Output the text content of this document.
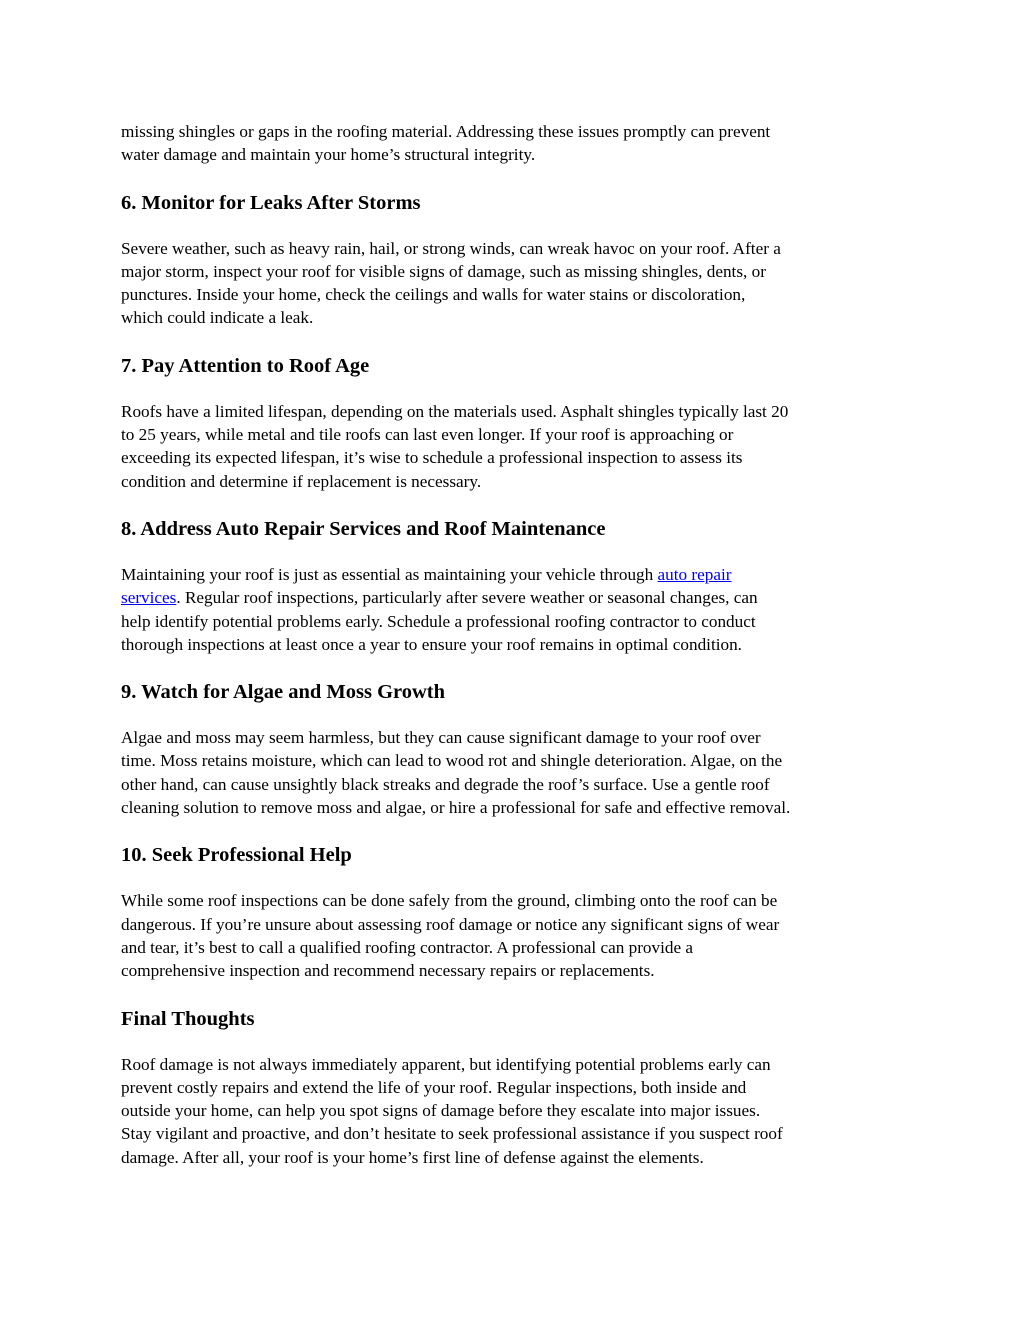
missing shingles or gaps in the roofing material. Addressing these issues promptly can prevent
water damage and maintain your home’s structural integrity.

6. Monitor for Leaks After Storms

Severe weather, such as heavy rain, hail, or strong winds, can wreak havoc on your roof. After a
major storm, inspect your roof for visible signs of damage, such as missing shingles, dents, or
punctures. Inside your home, check the ceilings and walls for water stains or discoloration,
which could indicate a leak.

7. Pay Attention to Roof Age

Roofs have a limited lifespan, depending on the materials used. Asphalt shingles typically last 20
to 25 years, while metal and tile roofs can last even longer. If your roof is approaching or
exceeding its expected lifespan, it’s wise to schedule a professional inspection to assess its
condition and determine if replacement is necessary.

8. Address Auto Repair Services and Roof Maintenance

Maintaining your roof is just as essential as maintaining your vehicle through auto repair
services. Regular roof inspections, particularly after severe weather or seasonal changes, can
help identify potential problems early. Schedule a professional roofing contractor to conduct
thorough inspections at least once a year to ensure your roof remains in optimal condition.

9. Watch for Algae and Moss Growth

Algae and moss may seem harmless, but they can cause significant damage to your roof over
time. Moss retains moisture, which can lead to wood rot and shingle deterioration. Algae, on the
other hand, can cause unsightly black streaks and degrade the roof’s surface. Use a gentle roof
cleaning solution to remove moss and algae, or hire a professional for safe and effective removal.

10. Seek Professional Help

While some roof inspections can be done safely from the ground, climbing onto the roof can be
dangerous. If you’re unsure about assessing roof damage or notice any significant signs of wear
and tear, it’s best to call a qualified roofing contractor. A professional can provide a
comprehensive inspection and recommend necessary repairs or replacements.

Final Thoughts

Roof damage is not always immediately apparent, but identifying potential problems early can
prevent costly repairs and extend the life of your roof. Regular inspections, both inside and
outside your home, can help you spot signs of damage before they escalate into major issues.
Stay vigilant and proactive, and don’t hesitate to seek professional assistance if you suspect roof
damage. After all, your roof is your home’s first line of defense against the elements.
